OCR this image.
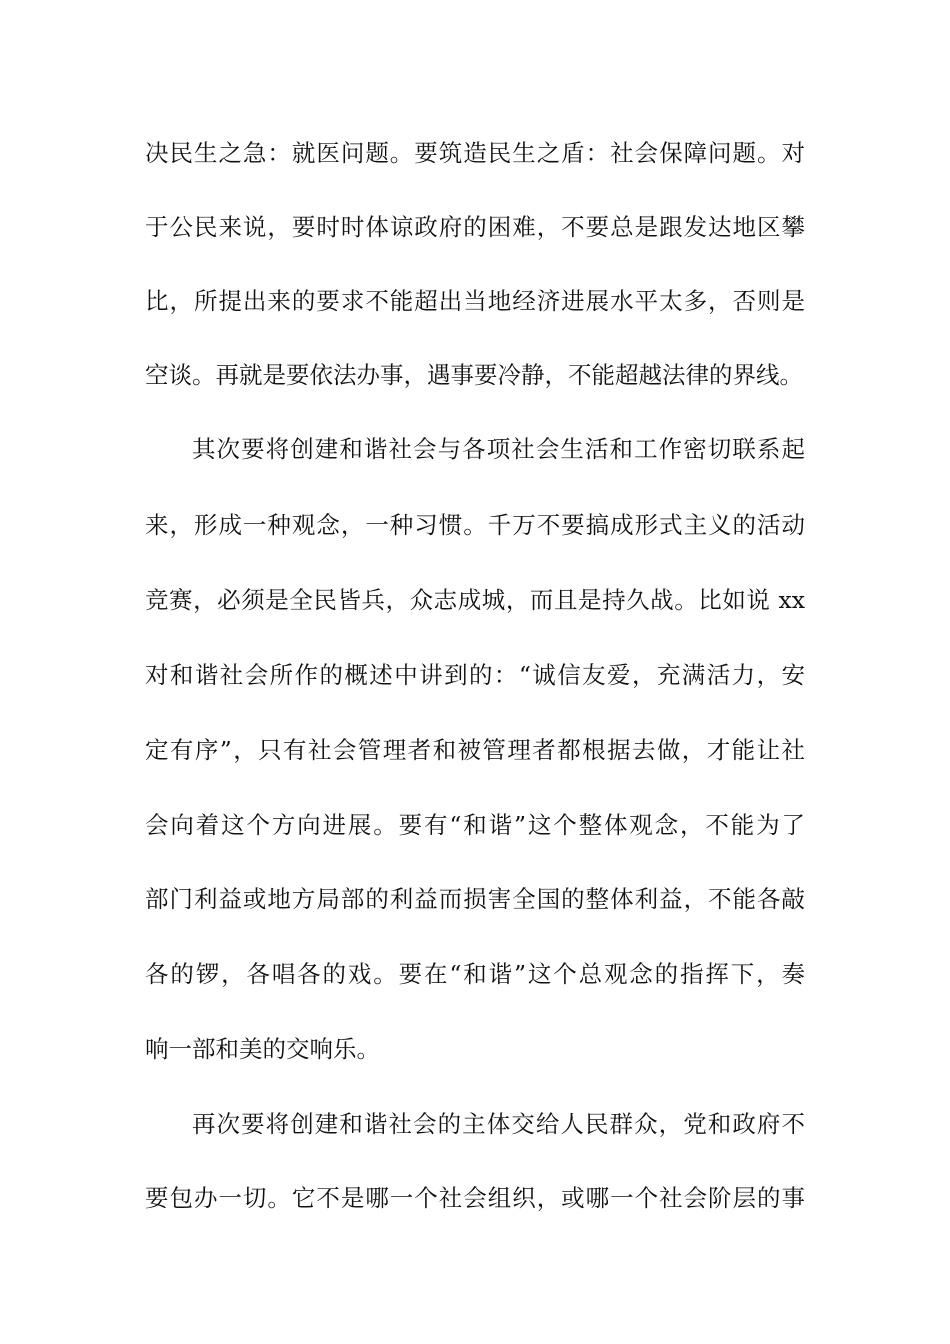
决民生之急：就医问题。要筑造民生之盾：社会保障问题。对
于公民来说，要时时体谅政府的困难，不要总是跟发达地区攀
比，所提出来的要求不能超出当地经济进展水平太多，否则是
空谈。再就是要依法办事，遇事要冷静，不能超越法律的界线。
其次要将创建和谐社会与各项社会生活和工作密切联系起
来，形成一种观念，一种习惯。千万不要搞成形式主义的活动
竞赛，必须是全民皆兵，众志成城，而且是持久战。比如说 xx
对和谐社会所作的概述中讲到的：“诚信友爱，充满活力，安
定有序”，只有社会管理者和被管理者都根据去做，才能让社
会向着这个方向进展。要有“和谐”这个整体观念，不能为了
部门利益或地方局部的利益而损害全国的整体利益，不能各敲
各的锣，各唱各的戏。要在“和谐”这个总观念的指挥下，奏
响一部和美的交响乐。
再次要将创建和谐社会的主体交给人民群众，党和政府不
要包办一切。它不是哪一个社会组织，或哪一个社会阶层的事
